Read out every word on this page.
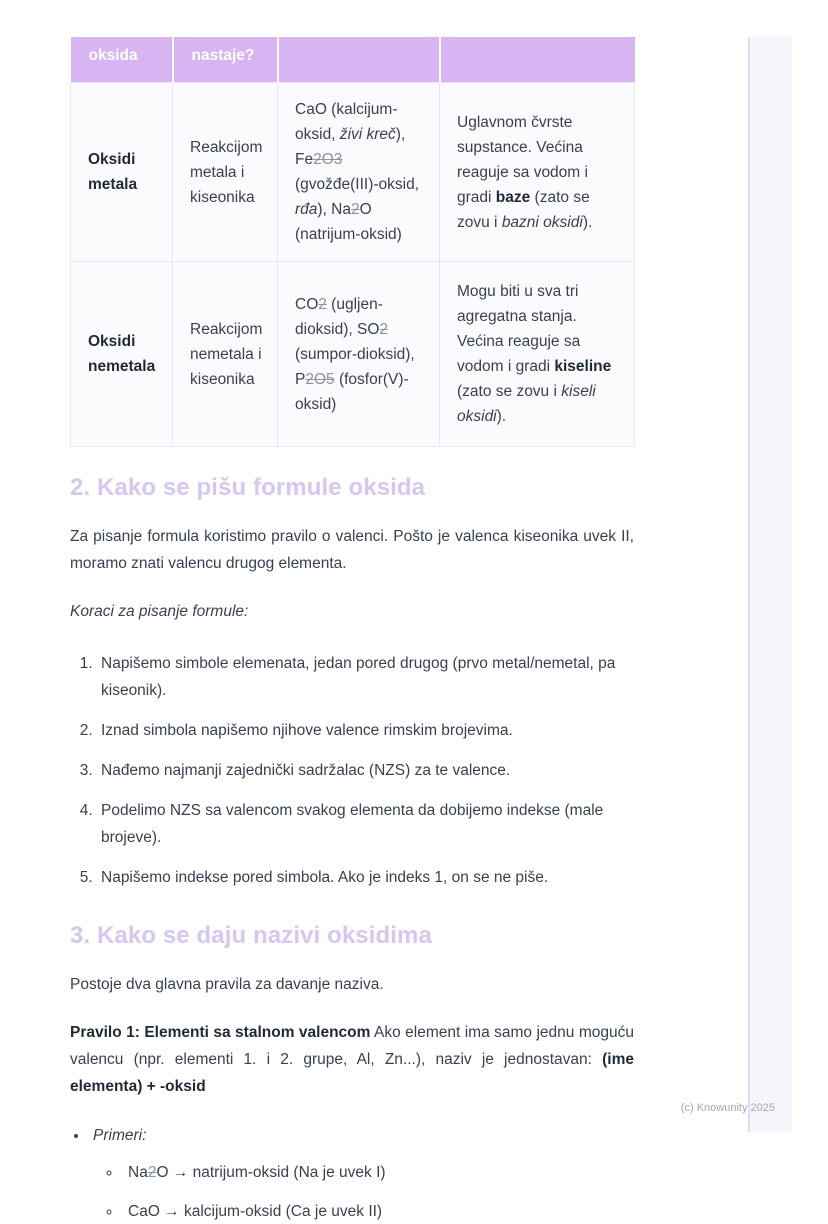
oksida	nastaje?		
Oksidi metala	Reakcijom metala i kiseonika	CaO (kalcijum-oksid, živi kreč), Fe2O3 (gvožđe(III)-oksid, rđa), Na2O (natrijum-oksid)	Uglavnom čvrste supstance. Većina reaguje sa vodom i gradi baze (zato se zovu i bazni oksidi).
Oksidi nemetala	Reakcijom nemetala i kiseonika	CO2 (ugljen-dioksid), SO2 (sumpor-dioksid), P2O5 (fosfor(V)-oksid)	Mogu biti u sva tri agregatna stanja. Većina reaguje sa vodom i gradi kiseline (zato se zovu i kiseli oksidi).
2. Kako se pišu formule oksida

Za pisanje formula koristimo pravilo o valenci. Pošto je valenca kiseonika uvek II, moramo znati valencu drugog elementa.

Koraci za pisanje formule:

1. Napišemo simbole elemenata, jedan pored drugog (prvo metal/nemetal, pa kiseonik).
2. Iznad simbola napišemo njihove valence rimskim brojevima.
3. Nađemo najmanji zajednički sadržalac (NZS) za te valence.
4. Podelimo NZS sa valencom svakog elementa da dobijemo indekse (male brojeve).
5. Napišemo indekse pored simbola. Ako je indeks 1, on se ne piše.
3. Kako se daju nazivi oksidima

Postoje dva glavna pravila za davanje naziva.

Pravilo 1: Elementi sa stalnom valencom Ako element ima samo jednu moguću valencu (npr. elementi 1. i 2. grupe, Al, Zn...), naziv je jednostavan: (ime elementa) + -oksid

• Primeri:
◦ Na2O → natrijum-oksid (Na je uvek I)
◦ CaO → kalcijum-oksid (Ca je uvek II)
(c) Knowunity 2025
